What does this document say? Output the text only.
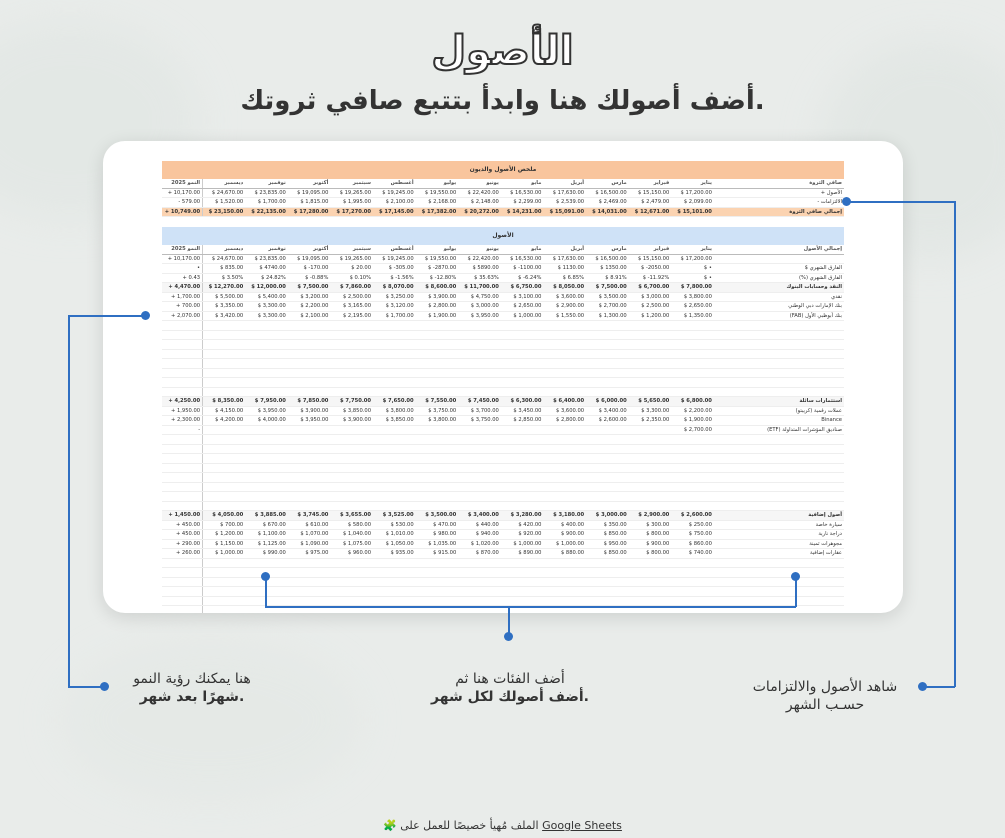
الأصول
أضف أصولك هنا وابدأ بتتبع صافي ثروتك.
ملخص الأصول والديون
النمو 2025	ديسمبر	نوفمبر	أكتوبر	سبتمبر	أغسطس	يوليو	يونيو	مايو	أبريل	مارس	فبراير	يناير	صافي الثروة
+ 10,170.00	$ 24,670.00	$ 23,835.00	$ 19,095.00	$ 19,265.00	$ 19,245.00	$ 19,550.00	$ 22,420.00	$ 16,530.00	$ 17,630.00	$ 16,500.00	$ 15,150.00	$ 17,200.00	الأصول +
- 579.00	$ 1,520.00	$ 1,700.00	$ 1,815.00	$ 1,995.00	$ 2,100.00	$ 2,168.00	$ 2,148.00	$ 2,299.00	$ 2,539.00	$ 2,469.00	$ 2,479.00	$ 2,099.00	الالتزامات -
+ 10,749.00	$ 23,150.00	$ 22,135.00	$ 17,280.00	$ 17,270.00	$ 17,145.00	$ 17,382.00	$ 20,272.00	$ 14,231.00	$ 15,091.00	$ 14,031.00	$ 12,671.00	$ 15,101.00	إجمالي صافي الثروة
الأصول
النمو 2025	ديسمبر	نوفمبر	أكتوبر	سبتمبر	أغسطس	يوليو	يونيو	مايو	أبريل	مارس	فبراير	يناير	إجمالي الأصول
+ 10,170.00	$ 24,670.00	$ 23,835.00	$ 19,095.00	$ 19,265.00	$ 19,245.00	$ 19,550.00	$ 22,420.00	$ 16,530.00	$ 17,630.00	$ 16,500.00	$ 15,150.00	$ 17,200.00	
•	$ 835.00	$ 4740.00	$ -170.00	$ 20.00	$ -305.00	$ -2870.00	$ 5890.00	$ -1100.00	$ 1130.00	$ 1350.00	$ -2050.00	$ •	الفارق الشهري $
+ 0.43	$ 3.50%	$ 24.82%	$ -0.88%	$ 0.10%	$ -1.56%	$ -12.80%	$ 35.63%	$ -6.24%	$ 6.85%	$ 8.91%	$ -11.92%	$ •	الفارق الشهري (%)
+ 4,470.00	$ 12,270.00	$ 12,000.00	$ 7,500.00	$ 7,860.00	$ 8,070.00	$ 8,600.00	$ 11,700.00	$ 6,750.00	$ 8,050.00	$ 7,500.00	$ 6,700.00	$ 7,800.00	النقد وحسابات البنوك
+ 1,700.00	$ 5,500.00	$ 5,400.00	$ 3,200.00	$ 2,500.00	$ 3,250.00	$ 3,900.00	$ 4,750.00	$ 3,100.00	$ 3,600.00	$ 3,500.00	$ 3,000.00	$ 3,800.00	نقدي
+ 700.00	$ 3,350.00	$ 3,300.00	$ 2,200.00	$ 3,165.00	$ 3,120.00	$ 2,800.00	$ 3,000.00	$ 2,650.00	$ 2,900.00	$ 2,700.00	$ 2,500.00	$ 2,650.00	بنك الإمارات دبي الوطني
+ 2,070.00	$ 3,420.00	$ 3,300.00	$ 2,100.00	$ 2,195.00	$ 1,700.00	$ 1,900.00	$ 3,950.00	$ 1,000.00	$ 1,550.00	$ 1,300.00	$ 1,200.00	$ 1,350.00	بنك أبوظبي الأول (FAB)

+ 4,250.00	$ 8,350.00	$ 7,950.00	$ 7,850.00	$ 7,750.00	$ 7,650.00	$ 7,550.00	$ 7,450.00	$ 6,300.00	$ 6,400.00	$ 6,000.00	$ 5,650.00	$ 6,800.00	استثمارات سائلة
+ 1,950.00	$ 4,150.00	$ 3,950.00	$ 3,900.00	$ 3,850.00	$ 3,800.00	$ 3,750.00	$ 3,700.00	$ 3,450.00	$ 3,600.00	$ 3,400.00	$ 3,300.00	$ 2,200.00	عملات رقمية (كريبتو)
+ 2,300.00	$ 4,200.00	$ 4,000.00	$ 3,950.00	$ 3,900.00	$ 3,850.00	$ 3,800.00	$ 3,750.00	$ 2,850.00	$ 2,800.00	$ 2,600.00	$ 2,350.00	$ 1,900.00	Binance
-												$ 2,700.00	صناديق المؤشرات المتداولة (ETF)

+ 1,450.00	$ 4,050.00	$ 3,885.00	$ 3,745.00	$ 3,655.00	$ 3,525.00	$ 3,500.00	$ 3,400.00	$ 3,280.00	$ 3,180.00	$ 3,000.00	$ 2,900.00	$ 2,600.00	أصول إضافية
+ 450.00	$ 700.00	$ 670.00	$ 610.00	$ 580.00	$ 530.00	$ 470.00	$ 440.00	$ 420.00	$ 400.00	$ 350.00	$ 300.00	$ 250.00	سيارة خاصة
+ 450.00	$ 1,200.00	$ 1,100.00	$ 1,070.00	$ 1,040.00	$ 1,010.00	$ 980.00	$ 940.00	$ 920.00	$ 900.00	$ 850.00	$ 800.00	$ 750.00	دراجة نارية
+ 290.00	$ 1,150.00	$ 1,125.00	$ 1,090.00	$ 1,075.00	$ 1,050.00	$ 1,035.00	$ 1,020.00	$ 1,000.00	$ 1,000.00	$ 950.00	$ 900.00	$ 860.00	مجوهرات ثمينة
+ 260.00	$ 1,000.00	$ 990.00	$ 975.00	$ 960.00	$ 935.00	$ 915.00	$ 870.00	$ 890.00	$ 880.00	$ 850.00	$ 800.00	$ 740.00	عقارات إضافية

هنا يمكنك رؤية النمو
شهرًا بعد شهر.
أضف الفئات هنا ثم
أضف أصولك لكل شهر.
شاهد الأصول والالتزامات
حسـب الشهر
🧩 الملف مُهيأ خصيصًا للعمل على Google Sheets
